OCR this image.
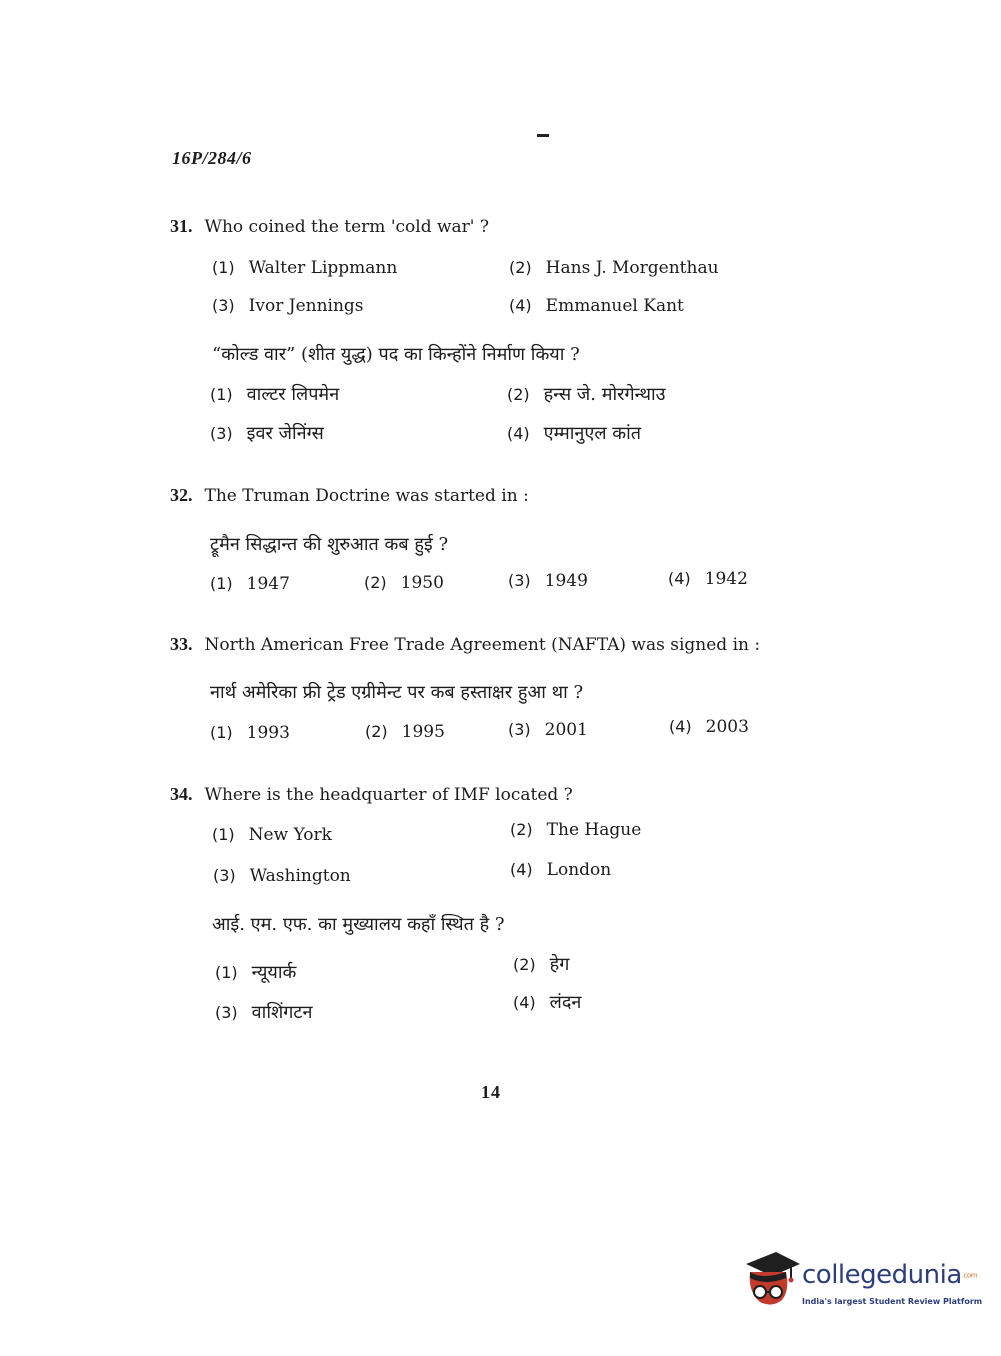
16P/284/6
31. Who coined the term 'cold war' ?
(1) Walter Lippmann	(2) Hans J. Morgenthau
(3) Ivor Jennings	(4) Emmanuel Kant
“कोल्ड वार” (शीत युद्ध) पद का किन्होंने निर्माण किया ?
(1) वाल्टर लिपमेन	(2) हन्स जे. मोरगेन्थाउ
(3) इवर जेनिंग्स	(4) एम्मानुएल कांत
32. The Truman Doctrine was started in :
ट्रूमैन सिद्धान्त की शुरुआत कब हुई ?
(1) 1947	(2) 1950	(3) 1949	(4) 1942
33. North American Free Trade Agreement (NAFTA) was signed in :
नार्थ अमेरिका फ्री ट्रेड एग्रीमेन्ट पर कब हस्ताक्षर हुआ था ?
(1) 1993	(2) 1995	(3) 2001	(4) 2003
34. Where is the headquarter of IMF located ?
(1) New York	(2) The Hague
(3) Washington	(4) London
आई. एम. एफ. का मुख्यालय कहाँ स्थित है ?
(1) न्यूयार्क	(2) हेग
(3) वाशिंगटन	(4) लंदन
14
collegedunia.com
India's largest Student Review Platform
